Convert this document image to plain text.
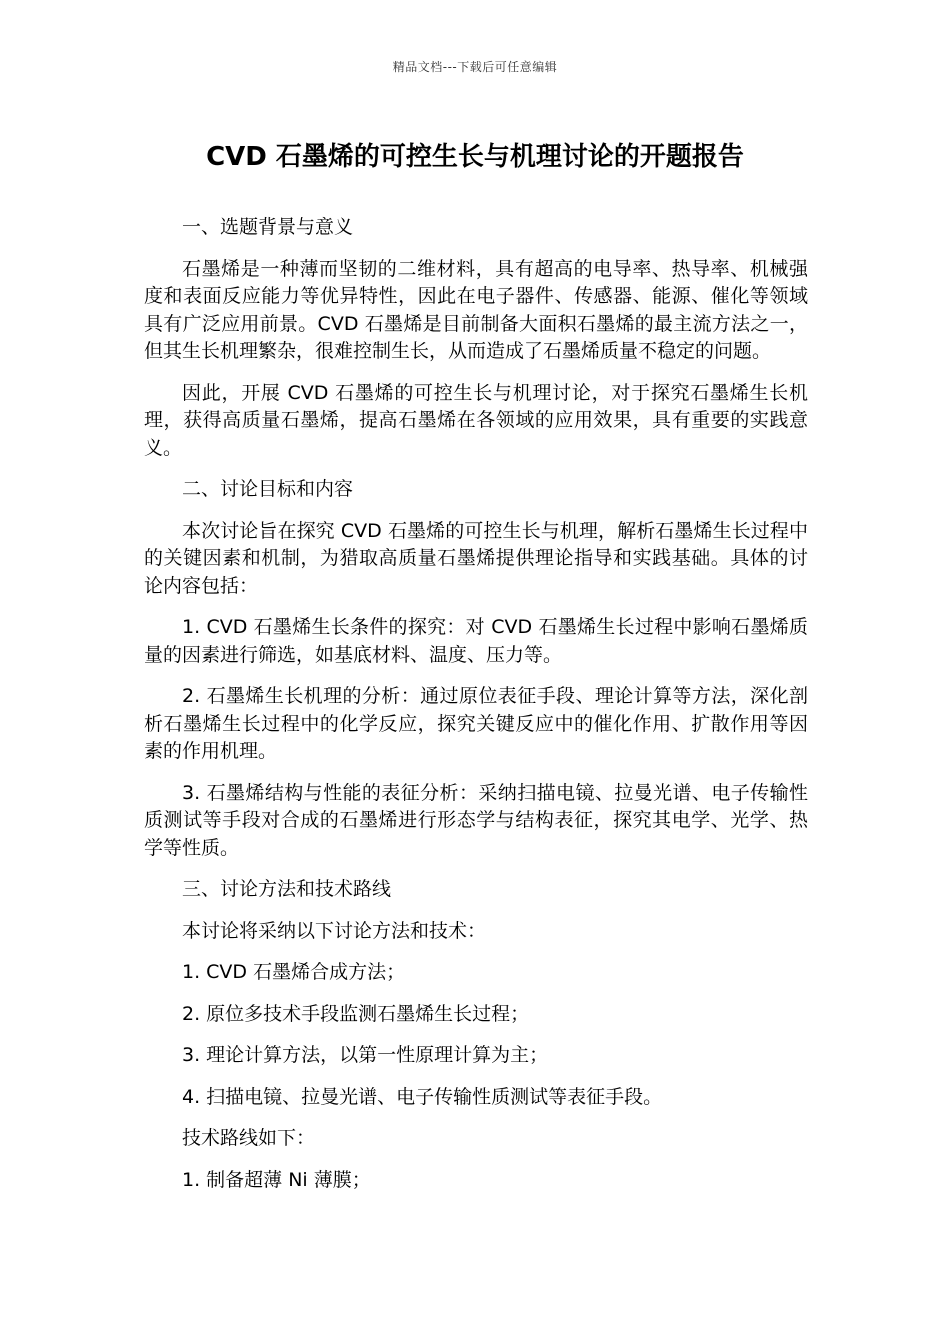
精品文档---下载后可任意编辑
CVD 石墨烯的可控生长与机理讨论的开题报告

一、选题背景与意义

石墨烯是一种薄而坚韧的二维材料，具有超高的电导率、热导率、机械强度和表面反应能力等优异特性，因此在电子器件、传感器、能源、催化等领域具有广泛应用前景。CVD 石墨烯是目前制备大面积石墨烯的最主流方法之一，但其生长机理繁杂，很难控制生长，从而造成了石墨烯质量不稳定的问题。

因此，开展 CVD 石墨烯的可控生长与机理讨论，对于探究石墨烯生长机理，获得高质量石墨烯，提高石墨烯在各领域的应用效果，具有重要的实践意义。

二、讨论目标和内容

本次讨论旨在探究 CVD 石墨烯的可控生长与机理，解析石墨烯生长过程中的关键因素和机制，为猎取高质量石墨烯提供理论指导和实践基础。具体的讨论内容包括：

1. CVD 石墨烯生长条件的探究：对 CVD 石墨烯生长过程中影响石墨烯质量的因素进行筛选，如基底材料、温度、压力等。

2. 石墨烯生长机理的分析：通过原位表征手段、理论计算等方法，深化剖析石墨烯生长过程中的化学反应，探究关键反应中的催化作用、扩散作用等因素的作用机理。

3. 石墨烯结构与性能的表征分析：采纳扫描电镜、拉曼光谱、电子传输性质测试等手段对合成的石墨烯进行形态学与结构表征，探究其电学、光学、热学等性质。

三、讨论方法和技术路线

本讨论将采纳以下讨论方法和技术：

1. CVD 石墨烯合成方法；

2. 原位多技术手段监测石墨烯生长过程；

3. 理论计算方法，以第一性原理计算为主；

4. 扫描电镜、拉曼光谱、电子传输性质测试等表征手段。

技术路线如下：

1. 制备超薄 Ni 薄膜；
